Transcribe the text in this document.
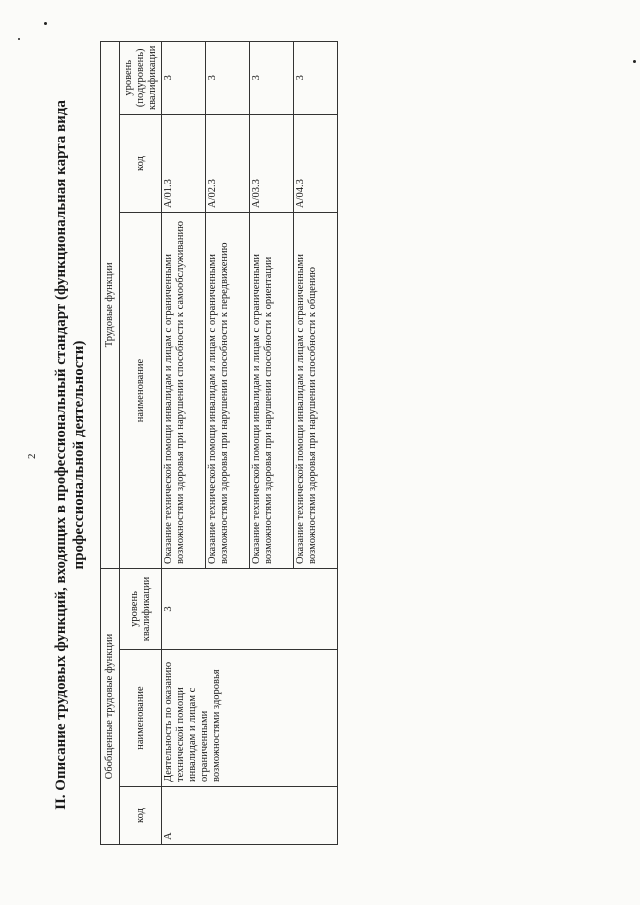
2 II. Описание трудовых функций, входящих в профессиональный стандарт (функциональная карта вида профессиональной деятельности)
Обобщенные трудовые функции			Трудовые функции		
код	наименование	уровень квалификации	наименование	код	уровень (подуровень) квалификации
А	Деятельность по оказанию технической помощи инвалидам и лицам с ограниченными возможностями здоровья	3	Оказание технической помощи инвалидам и лицам с ограниченными возможностями здоровья при нарушении способности к самообслуживанию	А/01.3	3
			Оказание технической помощи инвалидам и лицам с ограниченными возможностями здоровья при нарушении способности к передвижению	А/02.3	3
			Оказание технической помощи инвалидам и лицам с ограниченными возможностями здоровья при нарушении способности к ориентации	А/03.3	3
			Оказание технической помощи инвалидам и лицам с ограниченными возможностями здоровья при нарушении способности к общению	А/04.3	3
